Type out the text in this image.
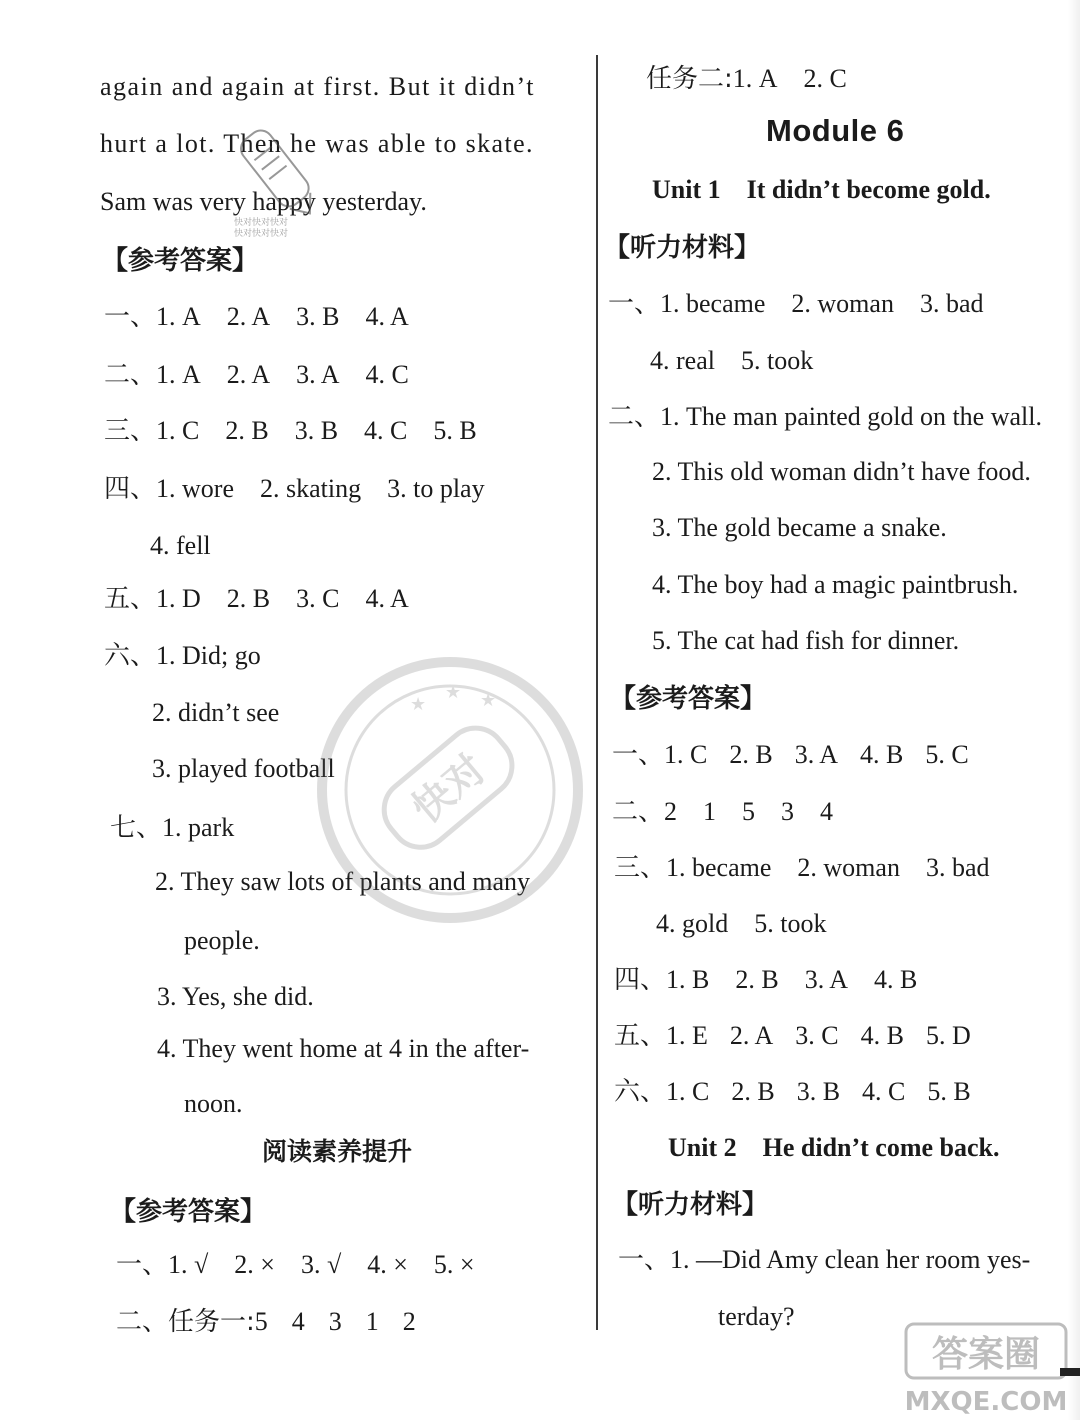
again and again at first. But it didn’t
hurt a lot. Then he was able to skate.
Sam was very happy yesterday.
【参考答案】
一、1. A 2. A 3. B 4. A
二、1. A 2. A 3. A 4. C
三、1. C 2. B 3. B 4. C 5. B
四、1. wore 2. skating 3. to play
4. fell
五、1. D 2. B 3. C 4. A
六、1. Did; go
2. didn’t see
3. played football
七、1. park
2. They saw lots of plants and many
people.
3. Yes, she did.
4. They went home at 4 in the after-
noon.
阅读素养提升
【参考答案】
一、1. √ 2. × 3. √ 4. × 5. ×
二、任务一:5 4 3 1 2
任务二:1. A 2. C
Module 6
Unit 1 It didn’t become gold.
【听力材料】
一、1. became 2. woman 3. bad
4. real 5. took
二、1. The man painted gold on the wall.
2. This old woman didn’t have food.
3. The gold became a snake.
4. The boy had a magic paintbrush.
5. The cat had fish for dinner.
【参考答案】
一、1. C 2. B 3. A 4. B 5. C
二、2 1 5 3 4
三、1. became 2. woman 3. bad
4. gold 5. took
四、1. B 2. B 3. A 4. B
五、1. E 2. A 3. C 4. B 5. D
六、1. C 2. B 3. B 4. C 5. B
Unit 2 He didn’t come back.
【听力材料】
一、1. —Did Amy clean her room yes-
terday?
快对快对快对
快对快对快对
快对
★
★ ★
答案圈
MXQE.COM
